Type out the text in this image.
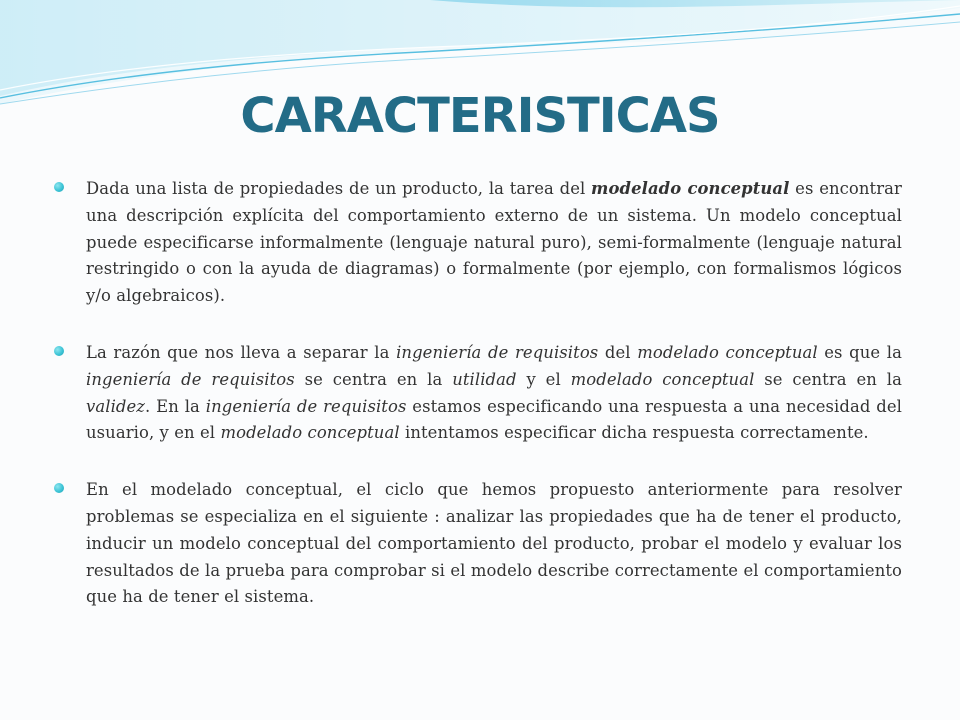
CARACTERISTICAS
Dada una lista de propiedades de un producto, la tarea del modelado conceptual es encontrar una descripción explícita del comportamiento externo de un sistema. Un modelo conceptual puede especificarse informalmente (lenguaje natural puro), semi-formalmente (lenguaje natural restringido o con la ayuda de diagramas) o formalmente (por ejemplo, con formalismos lógicos y/o algebraicos).
La razón que nos lleva a separar la ingeniería de requisitos del modelado conceptual es que la ingeniería de requisitos se centra en la utilidad y el modelado conceptual se centra en la validez. En la ingeniería de requisitos estamos especificando una respuesta a una necesidad del usuario, y en el modelado conceptual intentamos especificar dicha respuesta correctamente.
En el modelado conceptual, el ciclo que hemos propuesto anteriormente para resolver problemas se especializa en el siguiente : analizar las propiedades que ha de tener el producto, inducir un modelo conceptual del comportamiento del producto, probar el modelo y evaluar los resultados de la prueba para comprobar si el modelo describe correctamente el comportamiento que ha de tener el sistema.
